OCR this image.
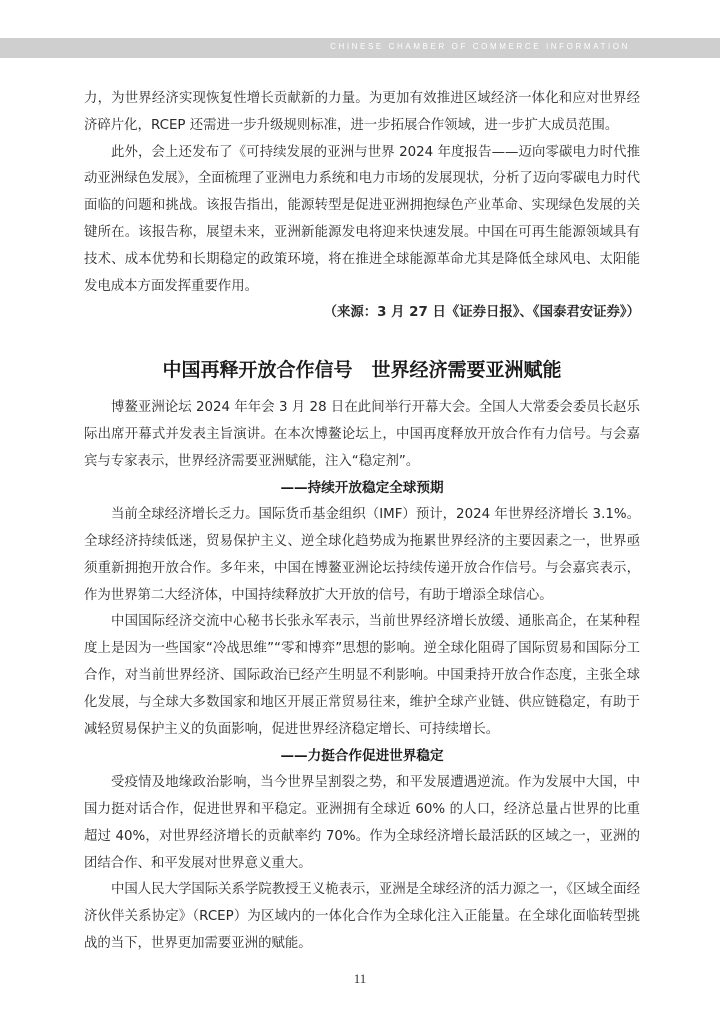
CHINESE CHAMBER OF COMMERCE INFORMATION

力，为世界经济实现恢复性增长贡献新的力量。为更加有效推进区域经济一体化和应对世界经济碎片化，RCEP 还需进一步升级规则标准，进一步拓展合作领域，进一步扩大成员范围。

此外，会上还发布了《可持续发展的亚洲与世界 2024 年度报告——迈向零碳电力时代推动亚洲绿色发展》，全面梳理了亚洲电力系统和电力市场的发展现状，分析了迈向零碳电力时代面临的问题和挑战。该报告指出，能源转型是促进亚洲拥抱绿色产业革命、实现绿色发展的关键所在。该报告称，展望未来，亚洲新能源发电将迎来快速发展。中国在可再生能源领域具有技术、成本优势和长期稳定的政策环境，将在推进全球能源革命尤其是降低全球风电、太阳能发电成本方面发挥重要作用。

（来源：3 月 27 日《证券日报》、《国泰君安证券》）

中国再释开放合作信号　世界经济需要亚洲赋能

博鳌亚洲论坛 2024 年年会 3 月 28 日在此间举行开幕大会。全国人大常委会委员长赵乐际出席开幕式并发表主旨演讲。在本次博鳌论坛上，中国再度释放开放合作有力信号。与会嘉宾与专家表示，世界经济需要亚洲赋能，注入“稳定剂”。

——持续开放稳定全球预期

当前全球经济增长乏力。国际货币基金组织（IMF）预计，2024 年世界经济增长 3.1%。全球经济持续低迷，贸易保护主义、逆全球化趋势成为拖累世界经济的主要因素之一，世界亟须重新拥抱开放合作。多年来，中国在博鳌亚洲论坛持续传递开放合作信号。与会嘉宾表示，作为世界第二大经济体，中国持续释放扩大开放的信号，有助于增添全球信心。

中国国际经济交流中心秘书长张永军表示，当前世界经济增长放缓、通胀高企，在某种程度上是因为一些国家“冷战思维”“零和博弈”思想的影响。逆全球化阻碍了国际贸易和国际分工合作，对当前世界经济、国际政治已经产生明显不利影响。中国秉持开放合作态度，主张全球化发展，与全球大多数国家和地区开展正常贸易往来，维护全球产业链、供应链稳定，有助于减轻贸易保护主义的负面影响，促进世界经济稳定增长、可持续增长。

——力挺合作促进世界稳定

受疫情及地缘政治影响，当今世界呈割裂之势，和平发展遭遇逆流。作为发展中大国，中国力挺对话合作，促进世界和平稳定。亚洲拥有全球近 60% 的人口，经济总量占世界的比重超过 40%，对世界经济增长的贡献率约 70%。作为全球经济增长最活跃的区域之一，亚洲的团结合作、和平发展对世界意义重大。

中国人民大学国际关系学院教授王义桅表示，亚洲是全球经济的活力源之一，《区域全面经济伙伴关系协定》（RCEP）为区域内的一体化合作为全球化注入正能量。在全球化面临转型挑战的当下，世界更加需要亚洲的赋能。

11
